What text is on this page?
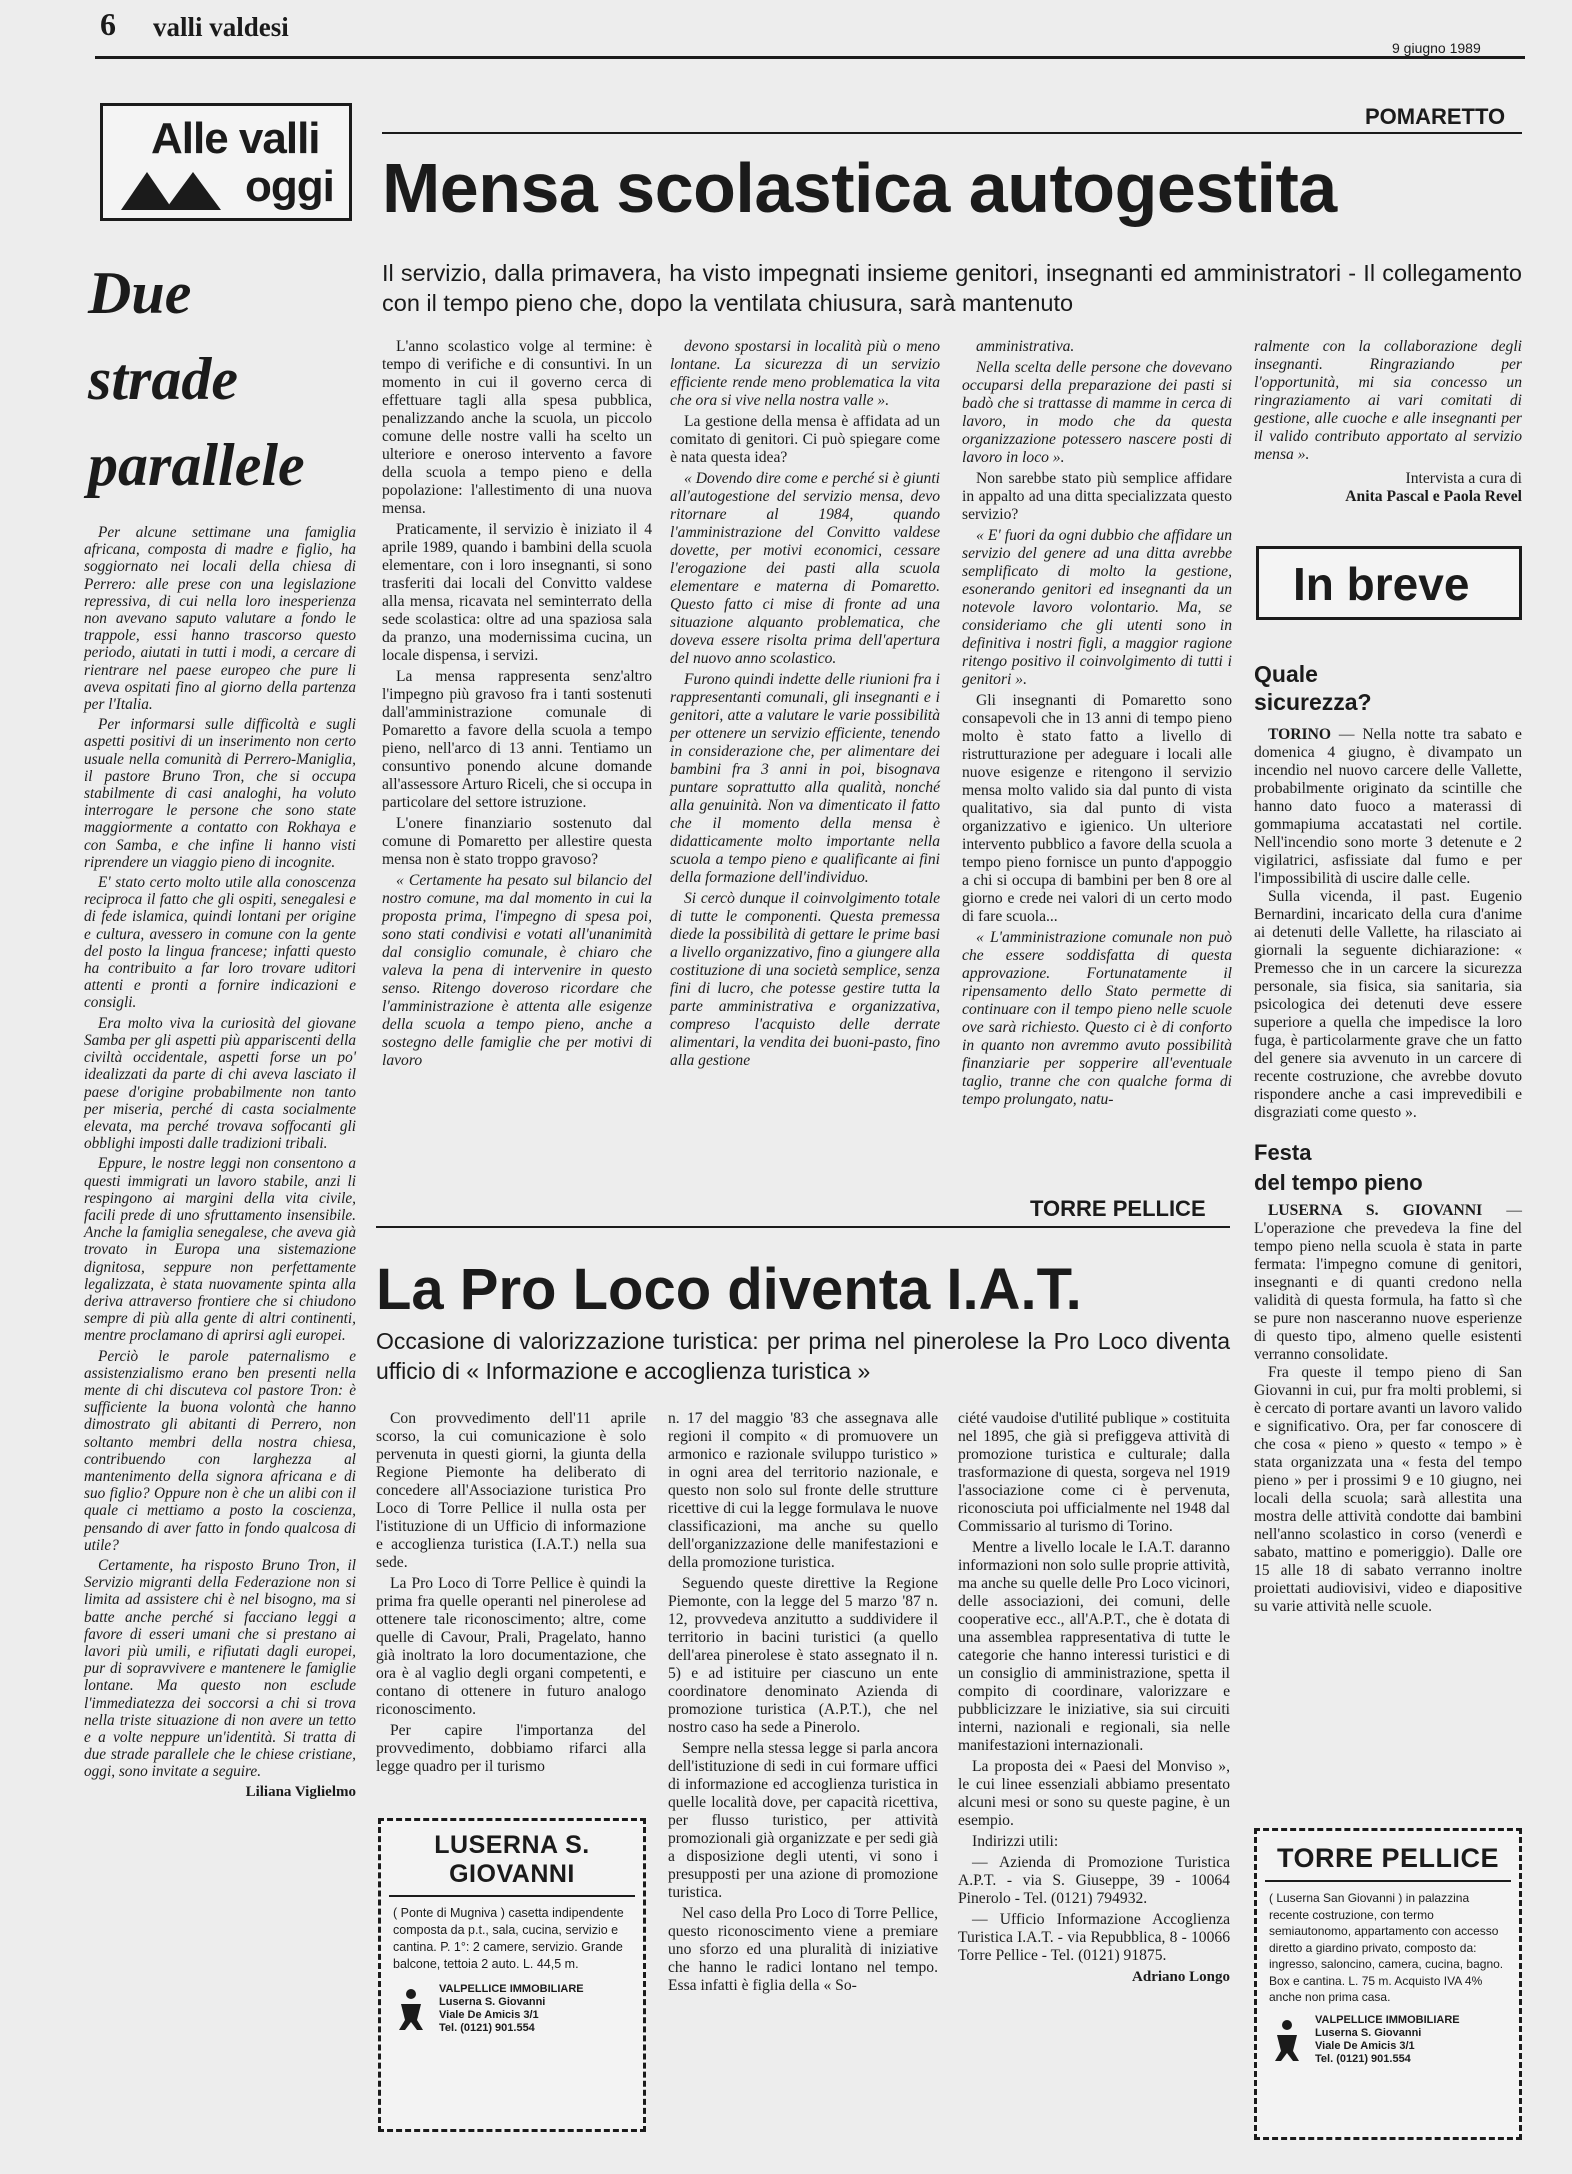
6 valli valdesi
9 giugno 1989
Alle valli
oggi
Due
strade
parallele

Per alcune settimane una famiglia africana, composta di madre e figlio, ha soggiornato nei locali della chiesa di Perrero: alle prese con una legislazione repressiva, di cui nella loro inesperienza non avevano saputo valutare a fondo le trappole, essi hanno trascorso questo periodo, aiutati in tutti i modi, a cercare di rientrare nel paese europeo che pure li aveva ospitati fino al giorno della partenza per l'Italia.

Per informarsi sulle difficoltà e sugli aspetti positivi di un inserimento non certo usuale nella comunità di Perrero-Maniglia, il pastore Bruno Tron, che si occupa stabilmente di casi analoghi, ha voluto interrogare le persone che sono state maggiormente a contatto con Rokhaya e con Samba, e che infine li hanno visti riprendere un viaggio pieno di incognite.

E' stato certo molto utile alla conoscenza reciproca il fatto che gli ospiti, senegalesi e di fede islamica, quindi lontani per origine e cultura, avessero in comune con la gente del posto la lingua francese; infatti questo ha contribuito a far loro trovare uditori attenti e pronti a fornire indicazioni e consigli.

Era molto viva la curiosità del giovane Samba per gli aspetti più appariscenti della civiltà occidentale, aspetti forse un po' idealizzati da parte di chi aveva lasciato il paese d'origine probabilmente non tanto per miseria, perché di casta socialmente elevata, ma perché trovava soffocanti gli obblighi imposti dalle tradizioni tribali.

Eppure, le nostre leggi non consentono a questi immigrati un lavoro stabile, anzi li respingono ai margini della vita civile, facili prede di uno sfruttamento insensibile. Anche la famiglia senegalese, che aveva già trovato in Europa una sistemazione dignitosa, seppure non perfettamente legalizzata, è stata nuovamente spinta alla deriva attraverso frontiere che si chiudono sempre di più alla gente di altri continenti, mentre proclamano di aprirsi agli europei.

Perciò le parole paternalismo e assistenzialismo erano ben presenti nella mente di chi discuteva col pastore Tron: è sufficiente la buona volontà che hanno dimostrato gli abitanti di Perrero, non soltanto membri della nostra chiesa, contribuendo con larghezza al mantenimento della signora africana e di suo figlio? Oppure non è che un alibi con il quale ci mettiamo a posto la coscienza, pensando di aver fatto in fondo qualcosa di utile?

Certamente, ha risposto Bruno Tron, il Servizio migranti della Federazione non si limita ad assistere chi è nel bisogno, ma si batte anche perché si facciano leggi a favore di esseri umani che si prestano ai lavori più umili, e rifiutati dagli europei, pur di sopravvivere e mantenere le famiglie lontane. Ma questo non esclude l'immediatezza dei soccorsi a chi si trova nella triste situazione di non avere un tetto e a volte neppure un'identità. Si tratta di due strade parallele che le chiese cristiane, oggi, sono invitate a seguire.

Liliana Viglielmo
POMARETTO
Mensa scolastica autogestita
Il servizio, dalla primavera, ha visto impegnati insieme genitori, insegnanti ed amministratori - Il collegamento con il tempo pieno che, dopo la ventilata chiusura, sarà mantenuto

L'anno scolastico volge al termine: è tempo di verifiche e di consuntivi. In un momento in cui il governo cerca di effettuare tagli alla spesa pubblica, penalizzando anche la scuola, un piccolo comune delle nostre valli ha scelto un ulteriore e oneroso intervento a favore della scuola a tempo pieno e della popolazione: l'allestimento di una nuova mensa.

Praticamente, il servizio è iniziato il 4 aprile 1989, quando i bambini della scuola elementare, con i loro insegnanti, si sono trasferiti dai locali del Convitto valdese alla mensa, ricavata nel seminterrato della sede scolastica: oltre ad una spaziosa sala da pranzo, una modernissima cucina, un locale dispensa, i servizi.

La mensa rappresenta senz'altro l'impegno più gravoso fra i tanti sostenuti dall'amministrazione comunale di Pomaretto a favore della scuola a tempo pieno, nell'arco di 13 anni. Tentiamo un consuntivo ponendo alcune domande all'assessore Arturo Riceli, che si occupa in particolare del settore istruzione.

L'onere finanziario sostenuto dal comune di Pomaretto per allestire questa mensa non è stato troppo gravoso?

« Certamente ha pesato sul bilancio del nostro comune, ma dal momento in cui la proposta prima, l'impegno di spesa poi, sono stati condivisi e votati all'unanimità dal consiglio comunale, è chiaro che valeva la pena di intervenire in questo senso. Ritengo doveroso ricordare che l'amministrazione è attenta alle esigenze della scuola a tempo pieno, anche a sostegno delle famiglie che per motivi di lavoro

devono spostarsi in località più o meno lontane. La sicurezza di un servizio efficiente rende meno problematica la vita che ora si vive nella nostra valle ».

La gestione della mensa è affidata ad un comitato di genitori. Ci può spiegare come è nata questa idea?

« Dovendo dire come e perché si è giunti all'autogestione del servizio mensa, devo ritornare al 1984, quando l'amministrazione del Convitto valdese dovette, per motivi economici, cessare l'erogazione dei pasti alla scuola elementare e materna di Pomaretto. Questo fatto ci mise di fronte ad una situazione alquanto problematica, che doveva essere risolta prima dell'apertura del nuovo anno scolastico.

Furono quindi indette delle riunioni fra i rappresentanti comunali, gli insegnanti e i genitori, atte a valutare le varie possibilità per ottenere un servizio efficiente, tenendo in considerazione che, per alimentare dei bambini fra 3 anni in poi, bisognava puntare soprattutto alla qualità, nonché alla genuinità. Non va dimenticato il fatto che il momento della mensa è didatticamente molto importante nella scuola a tempo pieno e qualificante ai fini della formazione dell'individuo.

Si cercò dunque il coinvolgimento totale di tutte le componenti. Questa premessa diede la possibilità di gettare le prime basi a livello organizzativo, fino a giungere alla costituzione di una società semplice, senza fini di lucro, che potesse gestire tutta la parte amministrativa e organizzativa, compreso l'acquisto delle derrate alimentari, la vendita dei buoni-pasto, fino alla gestione

amministrativa.

Nella scelta delle persone che dovevano occuparsi della preparazione dei pasti si badò che si trattasse di mamme in cerca di lavoro, in modo che da questa organizzazione potessero nascere posti di lavoro in loco ».

Non sarebbe stato più semplice affidare in appalto ad una ditta specializzata questo servizio?

« E' fuori da ogni dubbio che affidare un servizio del genere ad una ditta avrebbe semplificato di molto la gestione, esonerando genitori ed insegnanti da un notevole lavoro volontario. Ma, se consideriamo che gli utenti sono in definitiva i nostri figli, a maggior ragione ritengo positivo il coinvolgimento di tutti i genitori ».

Gli insegnanti di Pomaretto sono consapevoli che in 13 anni di tempo pieno molto è stato fatto a livello di ristrutturazione per adeguare i locali alle nuove esigenze e ritengono il servizio mensa molto valido sia dal punto di vista qualitativo, sia dal punto di vista organizzativo e igienico. Un ulteriore intervento pubblico a favore della scuola a tempo pieno fornisce un punto d'appoggio a chi si occupa di bambini per ben 8 ore al giorno e crede nei valori di un certo modo di fare scuola...

« L'amministrazione comunale non può che essere soddisfatta di questa approvazione. Fortunatamente il ripensamento dello Stato permette di continuare con il tempo pieno nelle scuole ove sarà richiesto. Questo ci è di conforto in quanto non avremmo avuto possibilità finanziarie per sopperire all'eventuale taglio, tranne che con qualche forma di tempo prolungato, natu-

ralmente con la collaborazione degli insegnanti. Ringraziando per l'opportunità, mi sia concesso un ringraziamento ai vari comitati di gestione, alle cuoche e alle insegnanti per il valido contributo apportato al servizio mensa ».

Intervista a cura di
Anita Pascal e Paola Revel
In breve
Quale sicurezza?

TORINO — Nella notte tra sabato e domenica 4 giugno, è divampato un incendio nel nuovo carcere delle Vallette, probabilmente originato da scintille che hanno dato fuoco a materassi di gommapiuma accatastati nel cortile. Nell'incendio sono morte 3 detenute e 2 vigilatrici, asfissiate dal fumo e per l'impossibilità di uscire dalle celle.

Sulla vicenda, il past. Eugenio Bernardini, incaricato della cura d'anime ai detenuti delle Vallette, ha rilasciato ai giornali la seguente dichiarazione: « Premesso che in un carcere la sicurezza personale, sia fisica, sia sanitaria, sia psicologica dei detenuti deve essere superiore a quella che impedisce la loro fuga, è particolarmente grave che un fatto del genere sia avvenuto in un carcere di recente costruzione, che avrebbe dovuto rispondere anche a casi imprevedibili e disgraziati come questo ».

Festa
del tempo pieno

LUSERNA S. GIOVANNI — L'operazione che prevedeva la fine del tempo pieno nella scuola è stata in parte fermata: l'impegno comune di genitori, insegnanti e di quanti credono nella validità di questa formula, ha fatto sì che se pure non nasceranno nuove esperienze di questo tipo, almeno quelle esistenti verranno consolidate.

Fra queste il tempo pieno di San Giovanni in cui, pur fra molti problemi, si è cercato di portare avanti un lavoro valido e significativo. Ora, per far conoscere di che cosa « pieno » questo « tempo » è stata organizzata una « festa del tempo pieno » per i prossimi 9 e 10 giugno, nei locali della scuola; sarà allestita una mostra delle attività condotte dai bambini nell'anno scolastico in corso (venerdì e sabato, mattino e pomeriggio). Dalle ore 15 alle 18 di sabato verranno inoltre proiettati audiovisivi, video e diapositive su varie attività nelle scuole.

TORRE PELLICE
La Pro Loco diventa I.A.T.
Occasione di valorizzazione turistica: per prima nel pinerolese la Pro Loco diventa ufficio di « Informazione e accoglienza turistica »

Con provvedimento dell'11 aprile scorso, la cui comunicazione è solo pervenuta in questi giorni, la giunta della Regione Piemonte ha deliberato di concedere all'Associazione turistica Pro Loco di Torre Pellice il nulla osta per l'istituzione di un Ufficio di informazione e accoglienza turistica (I.A.T.) nella sua sede.

La Pro Loco di Torre Pellice è quindi la prima fra quelle operanti nel pinerolese ad ottenere tale riconoscimento; altre, come quelle di Cavour, Prali, Pragelato, hanno già inoltrato la loro documentazione, che ora è al vaglio degli organi competenti, e contano di ottenere in futuro analogo riconoscimento.

Per capire l'importanza del provvedimento, dobbiamo rifarci alla legge quadro per il turismo

n. 17 del maggio '83 che assegnava alle regioni il compito « di promuovere un armonico e razionale sviluppo turistico » in ogni area del territorio nazionale, e questo non solo sul fronte delle strutture ricettive di cui la legge formulava le nuove classificazioni, ma anche su quello dell'organizzazione delle manifestazioni e della promozione turistica.

Seguendo queste direttive la Regione Piemonte, con la legge del 5 marzo '87 n. 12, provvedeva anzitutto a suddividere il territorio in bacini turistici (a quello dell'area pinerolese è stato assegnato il n. 5) e ad istituire per ciascuno un ente coordinatore denominato Azienda di promozione turistica (A.P.T.), che nel nostro caso ha sede a Pinerolo.

Sempre nella stessa legge si parla ancora dell'istituzione di sedi in cui formare uffici di informazione ed accoglienza turistica in quelle località dove, per capacità ricettiva, per flusso turistico, per attività promozionali già organizzate e per sedi già a disposizione degli utenti, vi sono i presupposti per una azione di promozione turistica.

Nel caso della Pro Loco di Torre Pellice, questo riconoscimento viene a premiare uno sforzo ed una pluralità di iniziative che hanno le radici lontano nel tempo. Essa infatti è figlia della « So-

ciété vaudoise d'utilité publique » costituita nel 1895, che già si prefiggeva attività di promozione turistica e culturale; dalla trasformazione di questa, sorgeva nel 1919 l'associazione come ci è pervenuta, riconosciuta poi ufficialmente nel 1948 dal Commissario al turismo di Torino.

Mentre a livello locale le I.A.T. daranno informazioni non solo sulle proprie attività, ma anche su quelle delle Pro Loco vicinori, delle associazioni, dei comuni, delle cooperative ecc., all'A.P.T., che è dotata di una assemblea rappresentativa di tutte le categorie che hanno interessi turistici e di un consiglio di amministrazione, spetta il compito di coordinare, valorizzare e pubblicizzare le iniziative, sia sui circuiti interni, nazionali e regionali, sia nelle manifestazioni internazionali.

La proposta dei « Paesi del Monviso », le cui linee essenziali abbiamo presentato alcuni mesi or sono su queste pagine, è un esempio.

Indirizzi utili:

— Azienda di Promozione Turistica A.P.T. - via S. Giuseppe, 39 - 10064 Pinerolo - Tel. (0121) 794932.

— Ufficio Informazione Accoglienza Turistica I.A.T. - via Repubblica, 8 - 10066 Torre Pellice - Tel. (0121) 91875.

Adriano Longo
LUSERNA S. GIOVANNI
( Ponte di Mugniva ) casetta indipendente composta da p.t., sala, cucina, servizio e cantina. P. 1°: 2 camere, servizio. Grande balcone, tettoia 2 auto. L. 44,5 m.
VALPELLICE IMMOBILIARE
Luserna S. Giovanni
Viale De Amicis 3/1
Tel. (0121) 901.554
TORRE PELLICE
( Luserna San Giovanni ) in palazzina recente costruzione, con termo semiautonomo, appartamento con accesso diretto a giardino privato, composto da: ingresso, saloncino, camera, cucina, bagno. Box e cantina. L. 75 m. Acquisto IVA 4% anche non prima casa.
VALPELLICE IMMOBILIARE
Luserna S. Giovanni
Viale De Amicis 3/1
Tel. (0121) 901.554
